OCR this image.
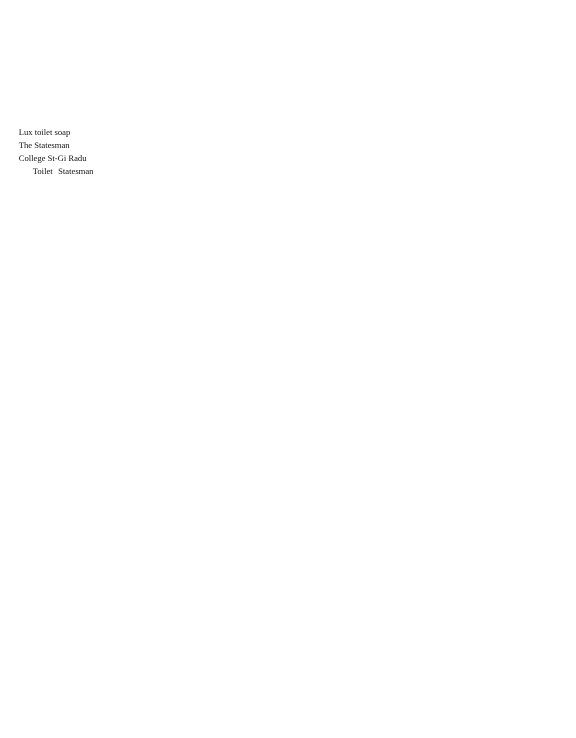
Lux toilet soap
The Statesman
College St-Gi Radu

Toilet Statesman
